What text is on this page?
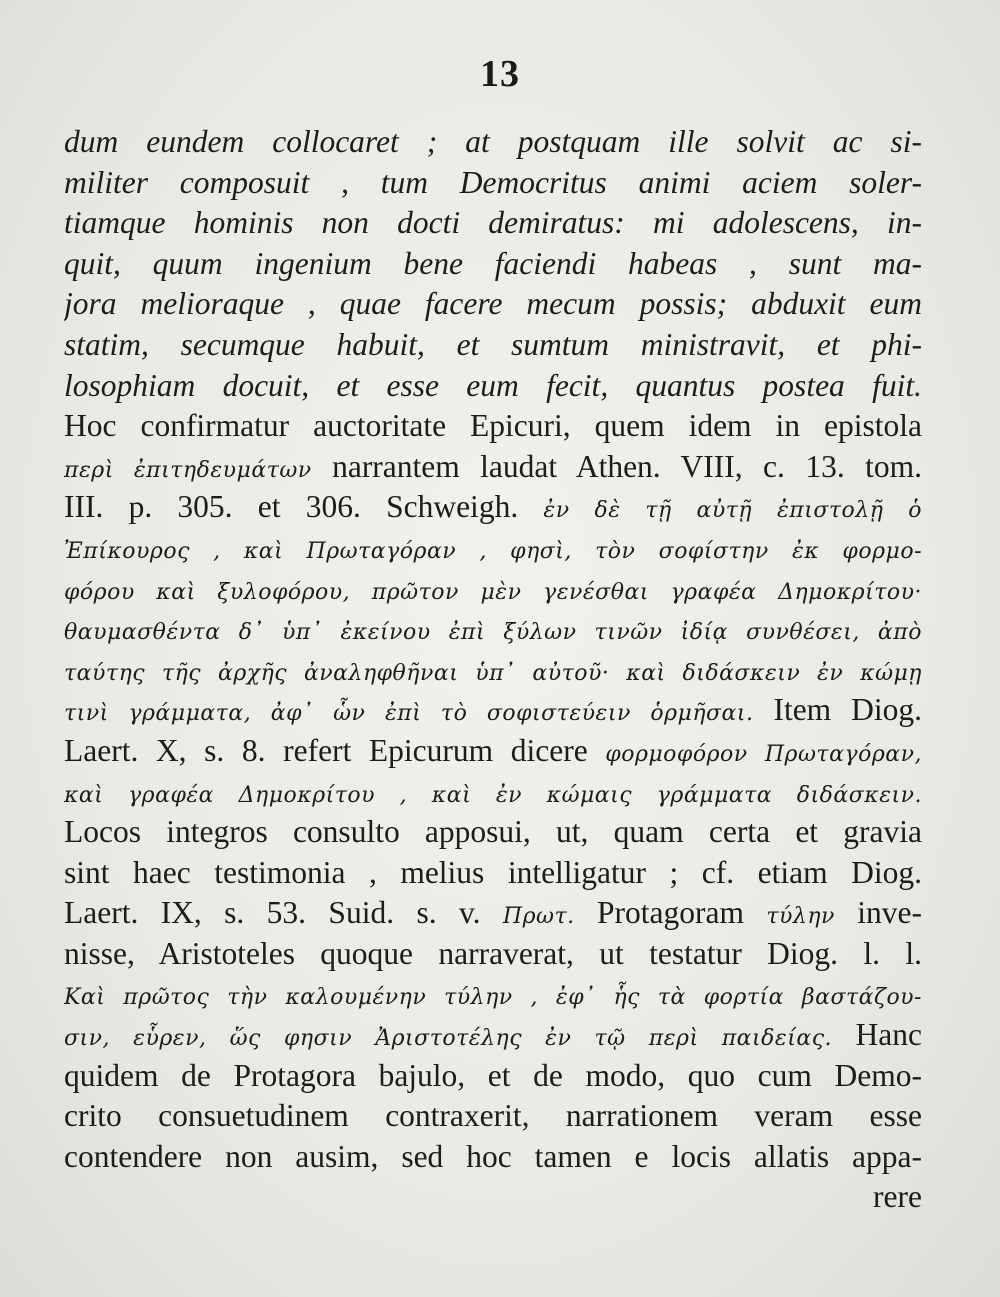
13
dum eundem collocaret ; at postquam ille solvit ac si-
militer composuit , tum Democritus animi aciem soler-
tiamque hominis non docti demiratus: mi adolescens, in-
quit, quum ingenium bene faciendi habeas , sunt ma-
jora melioraque , quae facere mecum possis; abduxit eum
statim, secumque habuit, et sumtum ministravit, et phi-
losophiam docuit, et esse eum fecit, quantus postea fuit.
Hoc confirmatur auctoritate Epicuri, quem idem in epistola
περὶ ἐπιτηδευμάτων narrantem laudat Athen. VIII, c. 13. tom.
III. p. 305. et 306. Schweigh. ἐν δὲ τῇ αὐτῇ ἐπιστολῇ ὁ
Ἐπίκουρος , καὶ Πρωταγόραν , φησὶ, τὸν σοφίστην ἐκ φορμο-
φόρου καὶ ξυλοφόρου, πρῶτον μὲν γενέσθαι γραφέα Δημοκρίτου·
θαυμασθέντα δ᾽ ὑπ᾽ ἐκείνου ἐπὶ ξύλων τινῶν ἰδίᾳ συνθέσει, ἀπὸ
ταύτης τῆς ἀρχῆς ἀναληφθῆναι ὑπ᾽ αὐτοῦ· καὶ διδάσκειν ἐν κώμῃ
τινὶ γράμματα, ἀφ᾽ ὧν ἐπὶ τὸ σοφιστεύειν ὁρμῆσαι. Item Diog.
Laert. X, s. 8. refert Epicurum dicere φορμοφόρον Πρωταγόραν,
καὶ γραφέα Δημοκρίτου , καὶ ἐν κώμαις γράμματα διδάσκειν.
Locos integros consulto apposui, ut, quam certa et gravia
sint haec testimonia , melius intelligatur ; cf. etiam Diog.
Laert. IX, s. 53. Suid. s. v. Πρωτ. Protagoram τύλην inve-
nisse, Aristoteles quoque narraverat, ut testatur Diog. l. l.
Καὶ πρῶτος τὴν καλουμένην τύλην , ἐφ᾽ ἧς τὰ φορτία βαστάζου-
σιν, εὗρεν, ὥς φησιν Ἀριστοτέλης ἐν τῷ περὶ παιδείας. Hanc
quidem de Protagora bajulo, et de modo, quo cum Demo-
crito consuetudinem contraxerit, narrationem veram esse
contendere non ausim, sed hoc tamen e locis allatis appa-
rere
